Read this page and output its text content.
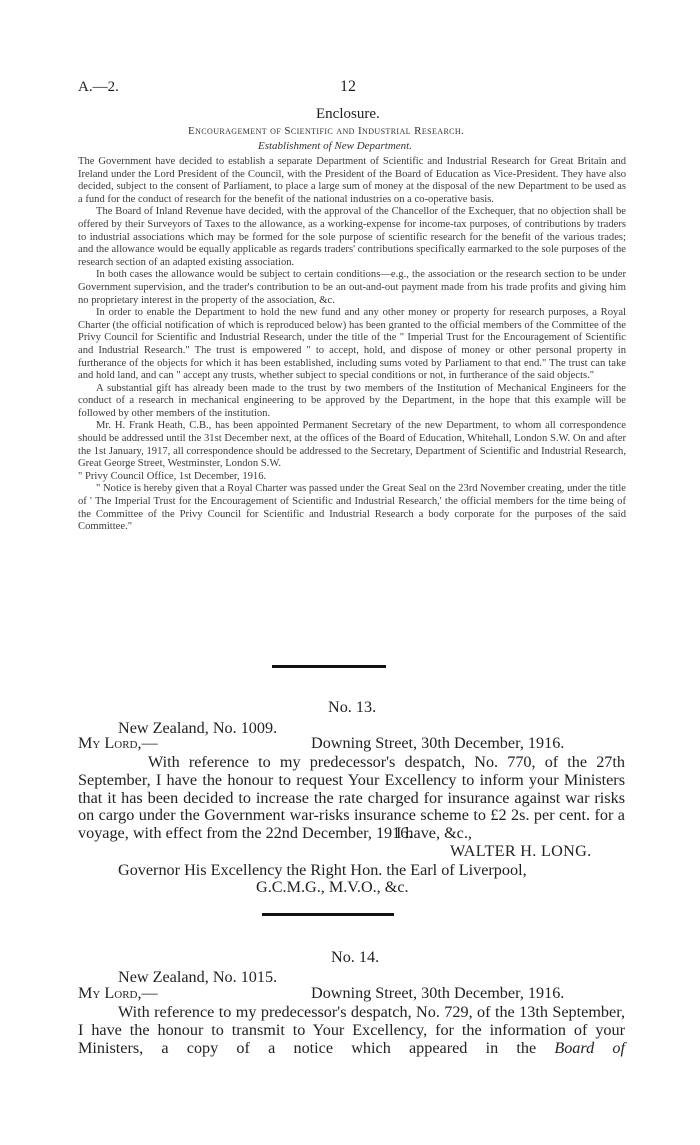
A.—2.	12
Enclosure.
Encouragement of Scientific and Industrial Research.
Establishment of New Department.

The Government have decided to establish a separate Department of Scientific and Industrial Research for Great Britain and Ireland under the Lord President of the Council, with the President of the Board of Education as Vice-President. They have also decided, subject to the consent of Parliament, to place a large sum of money at the disposal of the new Department to be used as a fund for the conduct of research for the benefit of the national industries on a co-operative basis.

The Board of Inland Revenue have decided, with the approval of the Chancellor of the Exchequer, that no objection shall be offered by their Surveyors of Taxes to the allowance, as a working-expense for income-tax purposes, of contributions by traders to industrial associations which may be formed for the sole purpose of scientific research for the benefit of the various trades; and the allowance would be equally applicable as regards traders' contributions specifically earmarked to the sole purposes of the research section of an adapted existing association.

In both cases the allowance would be subject to certain conditions—e.g., the association or the research section to be under Government supervision, and the trader's contribution to be an out-and-out payment made from his trade profits and giving him no proprietary interest in the property of the association, &c.

In order to enable the Department to hold the new fund and any other money or property for research purposes, a Royal Charter (the official notification of which is reproduced below) has been granted to the official members of the Committee of the Privy Council for Scientific and Industrial Research, under the title of the " Imperial Trust for the Encouragement of Scientific and Industrial Research." The trust is empowered " to accept, hold, and dispose of money or other personal property in furtherance of the objects for which it has been established, including sums voted by Parliament to that end." The trust can take and hold land, and can " accept any trusts, whether subject to special conditions or not, in furtherance of the said objects."

A substantial gift has already been made to the trust by two members of the Institution of Mechanical Engineers for the conduct of a research in mechanical engineering to be approved by the Department, in the hope that this example will be followed by other members of the institution.

Mr. H. Frank Heath, C.B., has been appointed Permanent Secretary of the new Department, to whom all correspondence should be addressed until the 31st December next, at the offices of the Board of Education, Whitehall, London S.W. On and after the 1st January, 1917, all correspondence should be addressed to the Secretary, Department of Scientific and Industrial Research, Great George Street, Westminster, London S.W.

" Privy Council Office, 1st December, 1916.

" Notice is hereby given that a Royal Charter was passed under the Great Seal on the 23rd November creating, under the title of ' The Imperial Trust for the Encouragement of Scientific and Industrial Research,' the official members for the time being of the Committee of the Privy Council for Scientific and Industrial Research a body corporate for the purposes of the said Committee."

No. 13.
New Zealand, No. 1009.
My Lord,—	Downing Street, 30th December, 1916.
With reference to my predecessor's despatch, No. 770, of the 27th September, I have the honour to request Your Excellency to inform your Ministers that it has been decided to increase the rate charged for insurance against war risks on cargo under the Government war-risks insurance scheme to £2 2s. per cent. for a voyage, with effect from the 22nd December, 1916.
I have, &c.,
WALTER H. LONG.
Governor His Excellency the Right Hon. the Earl of Liverpool,
G.C.M.G., M.V.O., &c.
No. 14.
New Zealand, No. 1015.
My Lord,—	Downing Street, 30th December, 1916.
With reference to my predecessor's despatch, No. 729, of the 13th September, I have the honour to transmit to Your Excellency, for the information of your Ministers, a copy of a notice which appeared in the Board of
